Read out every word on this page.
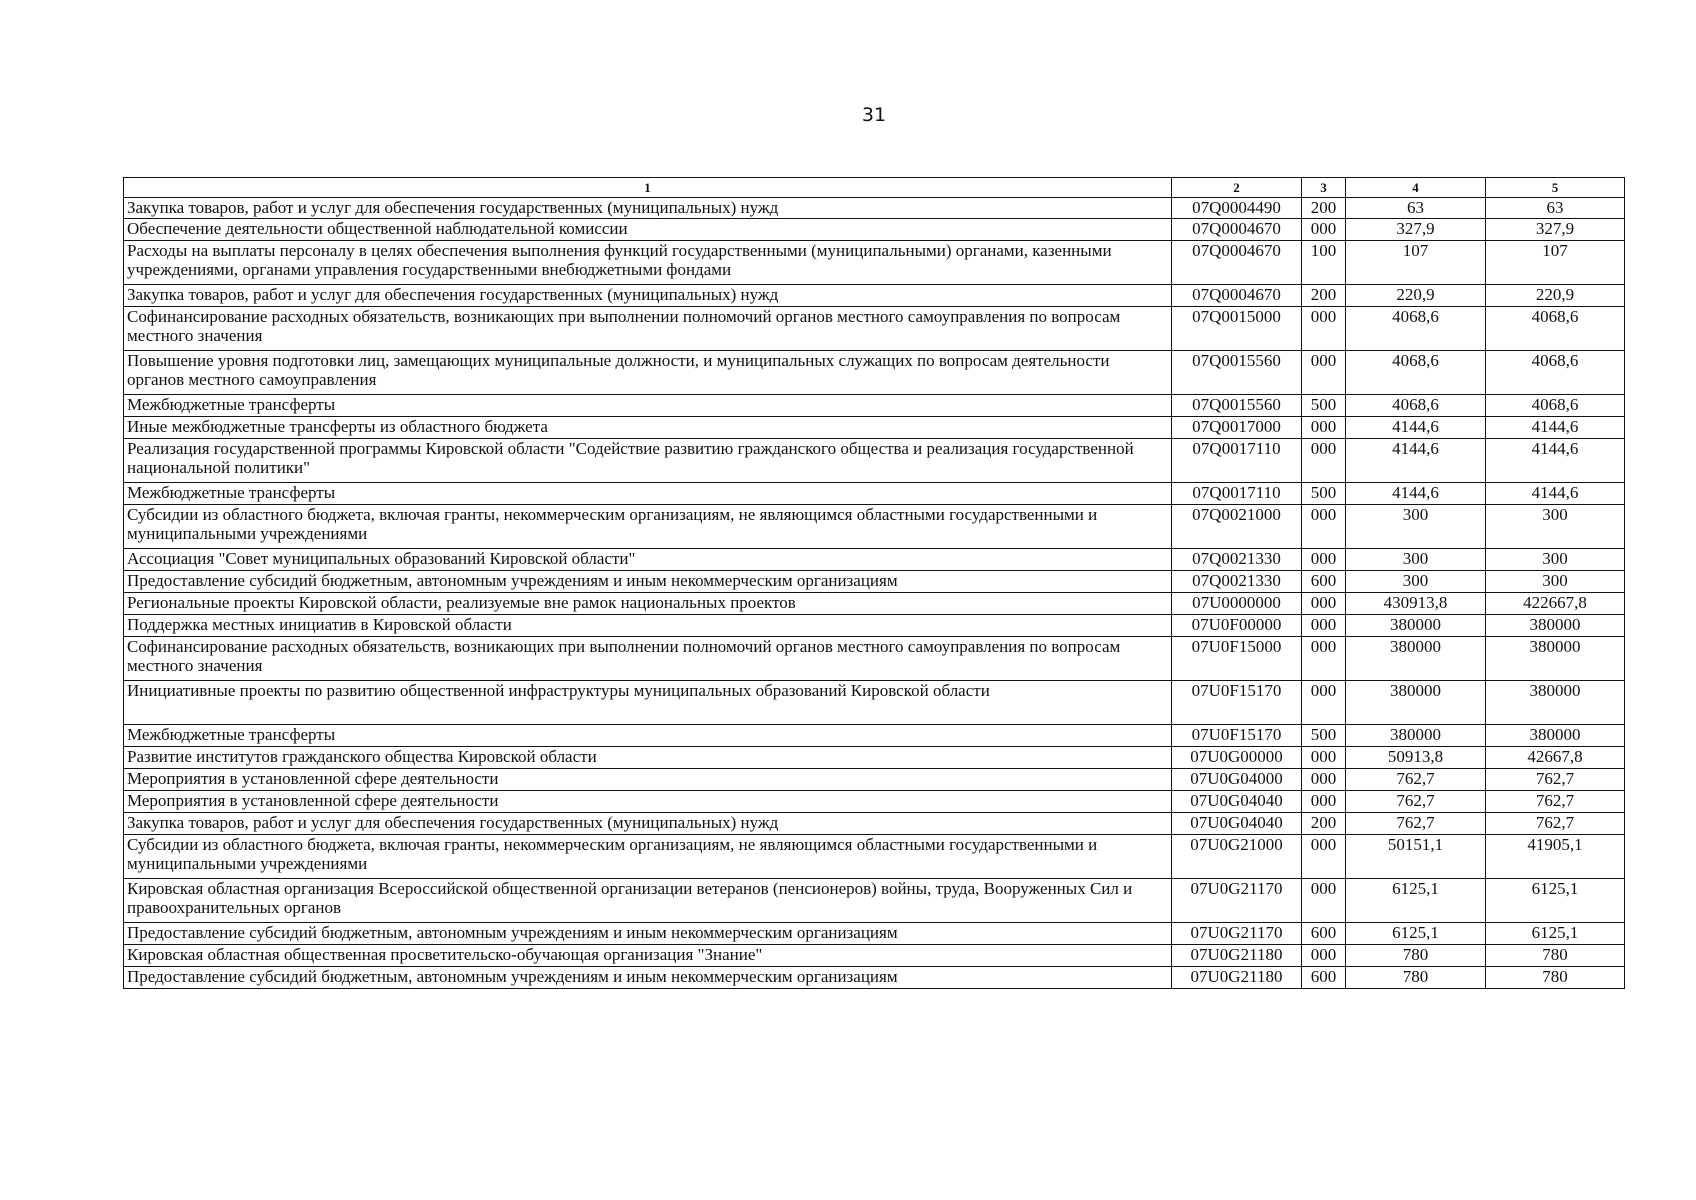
31
1	2	3	4	5
Закупка товаров, работ и услуг для обеспечения государственных (муниципальных) нужд	07Q0004490	200	63	63
Обеспечение деятельности общественной наблюдательной комиссии	07Q0004670	000	327,9	327,9
Расходы на выплаты персоналу в целях обеспечения выполнения функций государственными (муниципальными) органами, казенными учреждениями, органами управления государственными внебюджетными фондами	07Q0004670	100	107	107
Закупка товаров, работ и услуг для обеспечения государственных (муниципальных) нужд	07Q0004670	200	220,9	220,9
Софинансирование расходных обязательств, возникающих при выполнении полномочий органов местного самоуправления по вопросам местного значения	07Q0015000	000	4068,6	4068,6
Повышение уровня подготовки лиц, замещающих муниципальные должности, и муниципальных служащих по вопросам деятельности органов местного самоуправления	07Q0015560	000	4068,6	4068,6
Межбюджетные трансферты	07Q0015560	500	4068,6	4068,6
Иные межбюджетные трансферты из областного бюджета	07Q0017000	000	4144,6	4144,6
Реализация государственной программы Кировской области "Содействие развитию гражданского общества и реализация государственной национальной политики"	07Q0017110	000	4144,6	4144,6
Межбюджетные трансферты	07Q0017110	500	4144,6	4144,6
Субсидии из областного бюджета, включая гранты, некоммерческим организациям, не являющимся областными государственными и муниципальными учреждениями	07Q0021000	000	300	300
Ассоциация "Совет муниципальных образований Кировской области"	07Q0021330	000	300	300
Предоставление субсидий бюджетным, автономным учреждениям и иным некоммерческим организациям	07Q0021330	600	300	300
Региональные проекты Кировской области, реализуемые вне рамок национальных проектов	07U0000000	000	430913,8	422667,8
Поддержка местных инициатив в Кировской области	07U0F00000	000	380000	380000
Софинансирование расходных обязательств, возникающих при выполнении полномочий органов местного самоуправления по вопросам местного значения	07U0F15000	000	380000	380000
Инициативные проекты по развитию общественной инфраструктуры муниципальных образований Кировской области	07U0F15170	000	380000	380000
Межбюджетные трансферты	07U0F15170	500	380000	380000
Развитие институтов гражданского общества Кировской области	07U0G00000	000	50913,8	42667,8
Мероприятия в установленной сфере деятельности	07U0G04000	000	762,7	762,7
Мероприятия в установленной сфере деятельности	07U0G04040	000	762,7	762,7
Закупка товаров, работ и услуг для обеспечения государственных (муниципальных) нужд	07U0G04040	200	762,7	762,7
Субсидии из областного бюджета, включая гранты, некоммерческим организациям, не являющимся областными государственными и муниципальными учреждениями	07U0G21000	000	50151,1	41905,1
Кировская областная организация Всероссийской общественной организации ветеранов (пенсионеров) войны, труда, Вооруженных Сил и правоохранительных органов	07U0G21170	000	6125,1	6125,1
Предоставление субсидий бюджетным, автономным учреждениям и иным некоммерческим организациям	07U0G21170	600	6125,1	6125,1
Кировская областная общественная просветительско-обучающая организация "Знание"	07U0G21180	000	780	780
Предоставление субсидий бюджетным, автономным учреждениям и иным некоммерческим организациям	07U0G21180	600	780	780
